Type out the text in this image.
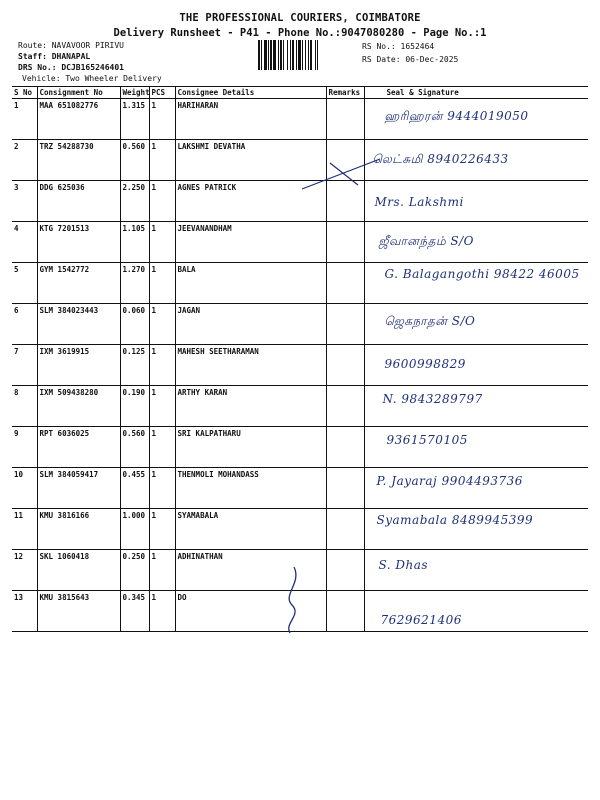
THE PROFESSIONAL COURIERS, COIMBATORE
Delivery Runsheet - P41 - Phone No.:9047080280 - Page No.:1
Route: NAVAVOOR PIRIVU
Staff: DHANAPAL
DRS No.: DCJB165246401
Vehicle: Two Wheeler Delivery
RS No.: 1652464
RS Date: 06-Dec-2025
S No	Consignment No	Weight	PCS	Consignee Details	Remarks	Seal & Signature
1	MAA 651082776	1.315	1	HARIHARAN		ஹரிஹரன் 9444019050

2	TRZ 54288730	0.560	1	LAKSHMI DEVATHA		லெட்சுமி 8940226433

3	DDG 625036	2.250	1	AGNES PATRICK		Mrs. Lakshmi

4	KTG 7201513	1.105	1	JEEVANANDHAM		ஜீவானந்தம் S/O

5	GYM 1542772	1.270	1	BALA		G. Balagangothi 98422 46005

6	SLM 384023443	0.060	1	JAGAN		ஜெகநாதன் S/O

7	IXM 3619915	0.125	1	MAHESH SEETHARAMAN		9600998829

8	IXM 509438280	0.190	1	ARTHY KARAN		N. 9843289797

9	RPT 6036025	0.560	1	SRI KALPATHARU		9361570105

10	SLM 384059417	0.455	1	THENMOLI MOHANDASS		P. Jayaraj 9904493736

11	KMU 3816166	1.000	1	SYAMABALA		Syamabala 8489945399

12	SKL 1060418	0.250	1	ADHINATHAN		S. Dhas

13	KMU 3815643	0.345	1	DO		7629621406
